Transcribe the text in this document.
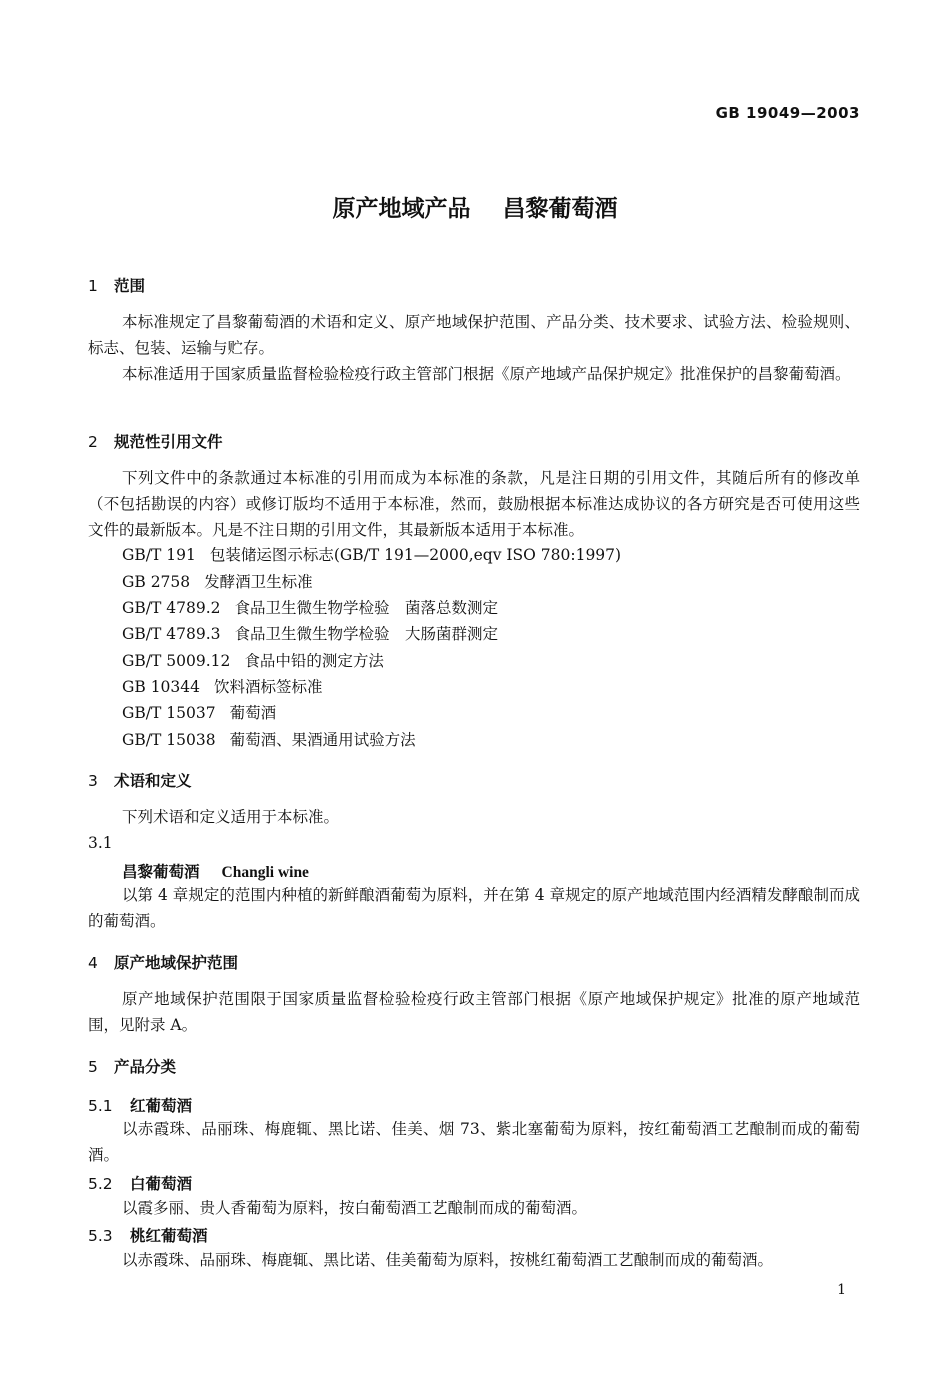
GB 19049—2003
原产地域产品 昌黎葡萄酒
1 范围
本标准规定了昌黎葡萄酒的术语和定义、原产地域保护范围、产品分类、技术要求、试验方法、检验规则、标志、包装、运输与贮存。
本标准适用于国家质量监督检验检疫行政主管部门根据《原产地域产品保护规定》批准保护的昌黎葡萄酒。
2 规范性引用文件
下列文件中的条款通过本标准的引用而成为本标准的条款，凡是注日期的引用文件，其随后所有的修改单（不包括勘误的内容）或修订版均不适用于本标准，然而，鼓励根据本标准达成协议的各方研究是否可使用这些文件的最新版本。凡是不注日期的引用文件，其最新版本适用于本标准。
GB/T 191 包装储运图示标志(GB/T 191—2000,eqv ISO 780:1997)
GB 2758 发酵酒卫生标准
GB/T 4789.2 食品卫生微生物学检验　菌落总数测定
GB/T 4789.3 食品卫生微生物学检验　大肠菌群测定
GB/T 5009.12 食品中铅的测定方法
GB 10344 饮料酒标签标准
GB/T 15037 葡萄酒
GB/T 15038 葡萄酒、果酒通用试验方法
3 术语和定义
下列术语和定义适用于本标准。
3.1
昌黎葡萄酒 Changli wine
以第 4 章规定的范围内种植的新鲜酿酒葡萄为原料，并在第 4 章规定的原产地域范围内经酒精发酵酿制而成的葡萄酒。
4 原产地域保护范围
原产地域保护范围限于国家质量监督检验检疫行政主管部门根据《原产地域保护规定》批准的原产地域范围，见附录 A。
5 产品分类
5.1 红葡萄酒
以赤霞珠、品丽珠、梅鹿辄、黑比诺、佳美、烟 73、紫北塞葡萄为原料，按红葡萄酒工艺酿制而成的葡萄酒。
5.2 白葡萄酒
以霞多丽、贵人香葡萄为原料，按白葡萄酒工艺酿制而成的葡萄酒。
5.3 桃红葡萄酒
以赤霞珠、品丽珠、梅鹿辄、黑比诺、佳美葡萄为原料，按桃红葡萄酒工艺酿制而成的葡萄酒。
1
